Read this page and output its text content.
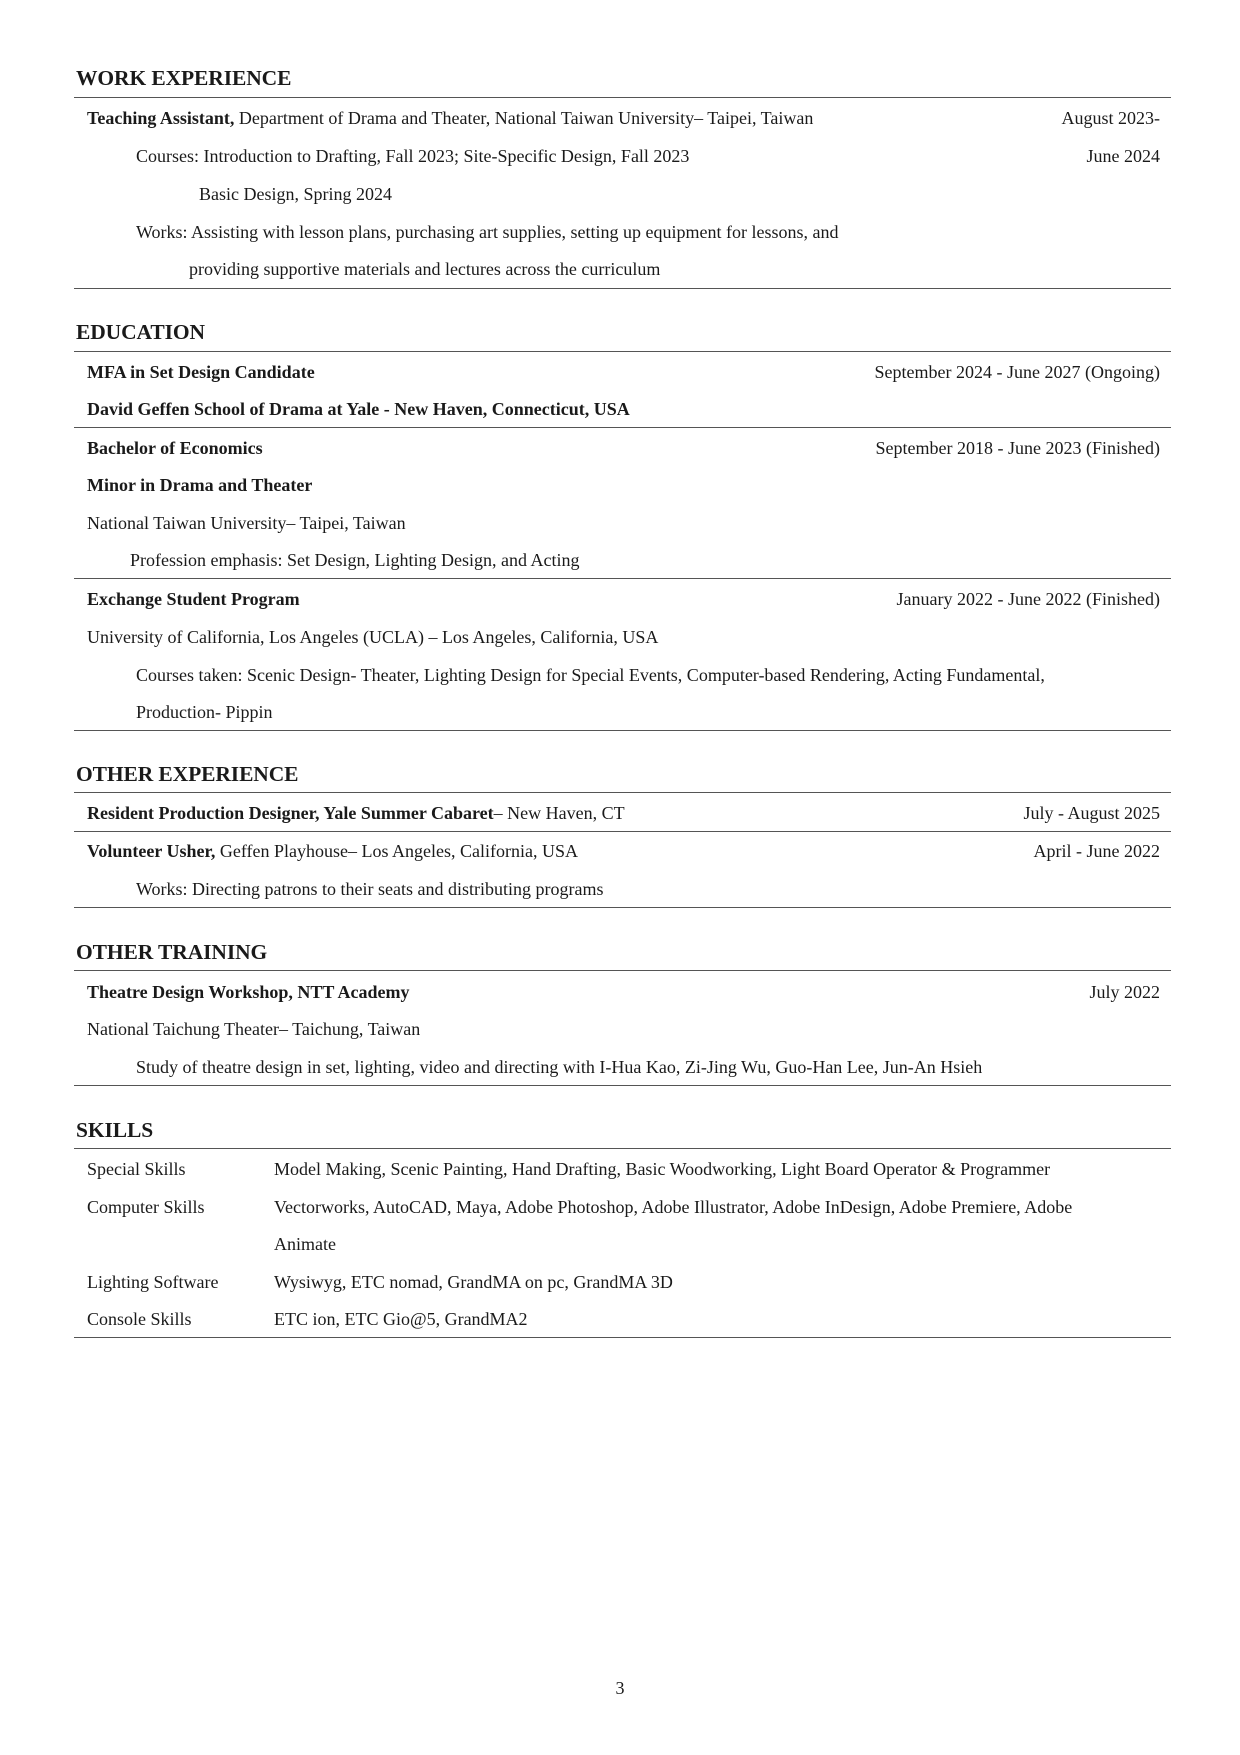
WORK EXPERIENCE
Teaching Assistant, Department of Drama and Theater, National Taiwan University– Taipei, Taiwan	August 2023-
Courses: Introduction to Drafting, Fall 2023; Site-Specific Design, Fall 2023	June 2024
Basic Design, Spring 2024
Works: Assisting with lesson plans, purchasing art supplies, setting up equipment for lessons, and
providing supportive materials and lectures across the curriculum
EDUCATION
MFA in Set Design Candidate	September 2024 - June 2027 (Ongoing)
David Geffen School of Drama at Yale - New Haven, Connecticut, USA
Bachelor of Economics	September 2018 - June 2023 (Finished)
Minor in Drama and Theater
National Taiwan University– Taipei, Taiwan
Profession emphasis: Set Design, Lighting Design, and Acting
Exchange Student Program	January 2022 - June 2022 (Finished)
University of California, Los Angeles (UCLA) – Los Angeles, California, USA
Courses taken: Scenic Design- Theater, Lighting Design for Special Events, Computer-based Rendering, Acting Fundamental,
Production- Pippin
OTHER EXPERIENCE
Resident Production Designer, Yale Summer Cabaret– New Haven, CT	July - August 2025
Volunteer Usher, Geffen Playhouse– Los Angeles, California, USA	April - June 2022
Works: Directing patrons to their seats and distributing programs
OTHER TRAINING
Theatre Design Workshop, NTT Academy	July 2022
National Taichung Theater– Taichung, Taiwan
Study of theatre design in set, lighting, video and directing with I-Hua Kao, Zi-Jing Wu, Guo-Han Lee, Jun-An Hsieh
SKILLS
Special Skills	Model Making, Scenic Painting, Hand Drafting, Basic Woodworking, Light Board Operator & Programmer
Computer Skills	Vectorworks, AutoCAD, Maya, Adobe Photoshop, Adobe Illustrator, Adobe InDesign, Adobe Premiere, Adobe
Animate
Lighting Software	Wysiwyg, ETC nomad, GrandMA on pc, GrandMA 3D
Console Skills	ETC ion, ETC Gio@5, GrandMA2
3
